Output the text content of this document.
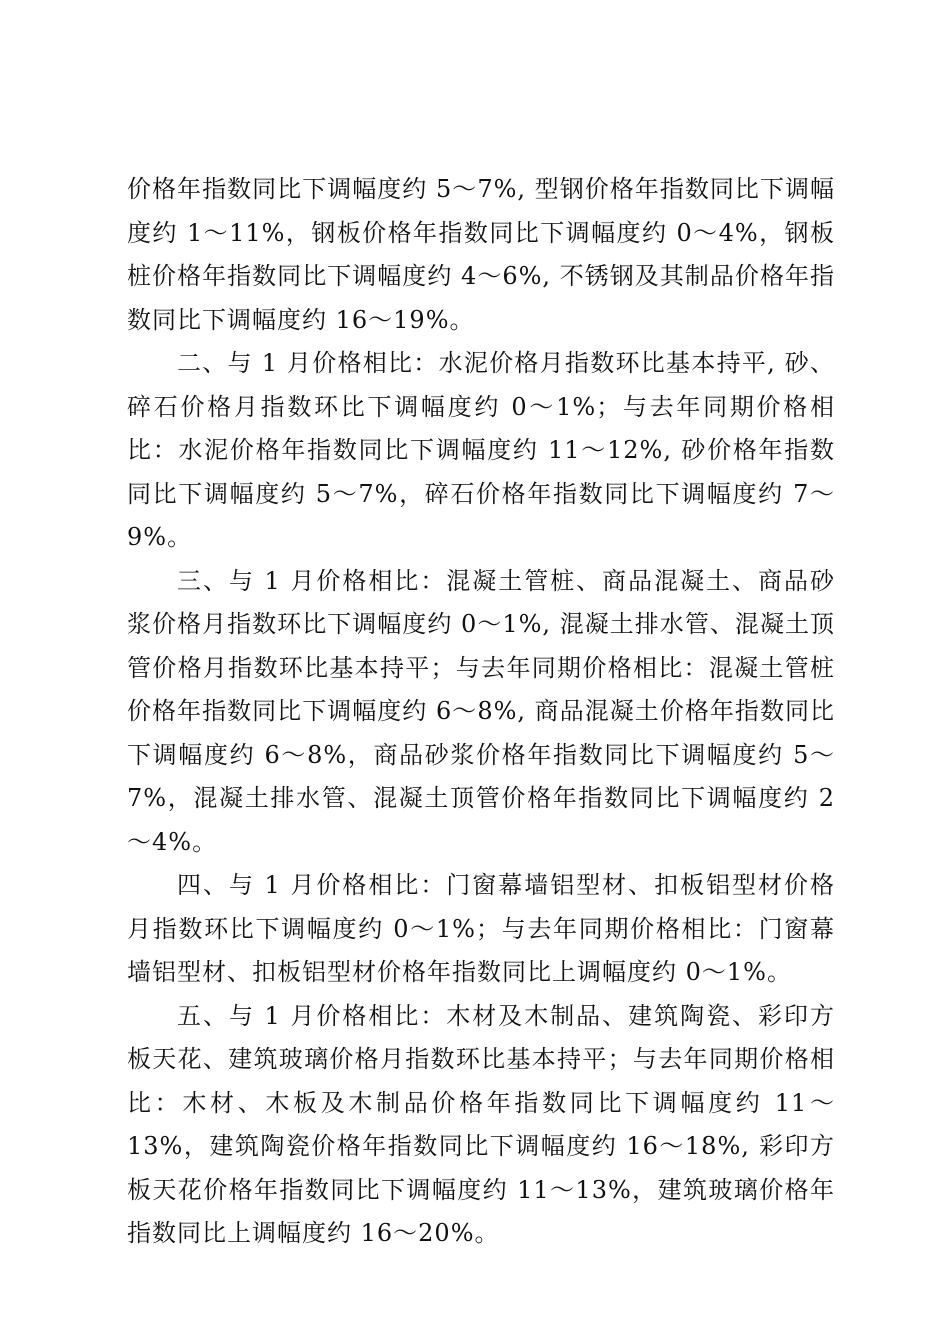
价格年指数同比下调幅度约 5～7%, 型钢价格年指数同比下调幅度约 1～11%，钢板价格年指数同比下调幅度约 0～4%，钢板桩价格年指数同比下调幅度约 4～6%, 不锈钢及其制品价格年指数同比下调幅度约 16～19%。

二、与 1 月价格相比：水泥价格月指数环比基本持平, 砂、碎石价格月指数环比下调幅度约 0～1%；与去年同期价格相比：水泥价格年指数同比下调幅度约 11～12%, 砂价格年指数同比下调幅度约 5～7%，碎石价格年指数同比下调幅度约 7～9%。

三、与 1 月价格相比：混凝土管桩、商品混凝土、商品砂浆价格月指数环比下调幅度约 0～1%, 混凝土排水管、混凝土顶管价格月指数环比基本持平；与去年同期价格相比：混凝土管桩价格年指数同比下调幅度约 6～8%, 商品混凝土价格年指数同比下调幅度约 6～8%，商品砂浆价格年指数同比下调幅度约 5～7%，混凝土排水管、混凝土顶管价格年指数同比下调幅度约 2～4%。

四、与 1 月价格相比：门窗幕墙铝型材、扣板铝型材价格月指数环比下调幅度约 0～1%；与去年同期价格相比：门窗幕墙铝型材、扣板铝型材价格年指数同比上调幅度约 0～1%。

五、与 1 月价格相比：木材及木制品、建筑陶瓷、彩印方板天花、建筑玻璃价格月指数环比基本持平；与去年同期价格相比：木材、木板及木制品价格年指数同比下调幅度约 11～13%，建筑陶瓷价格年指数同比下调幅度约 16～18%, 彩印方板天花价格年指数同比下调幅度约 11～13%，建筑玻璃价格年指数同比上调幅度约 16～20%。
